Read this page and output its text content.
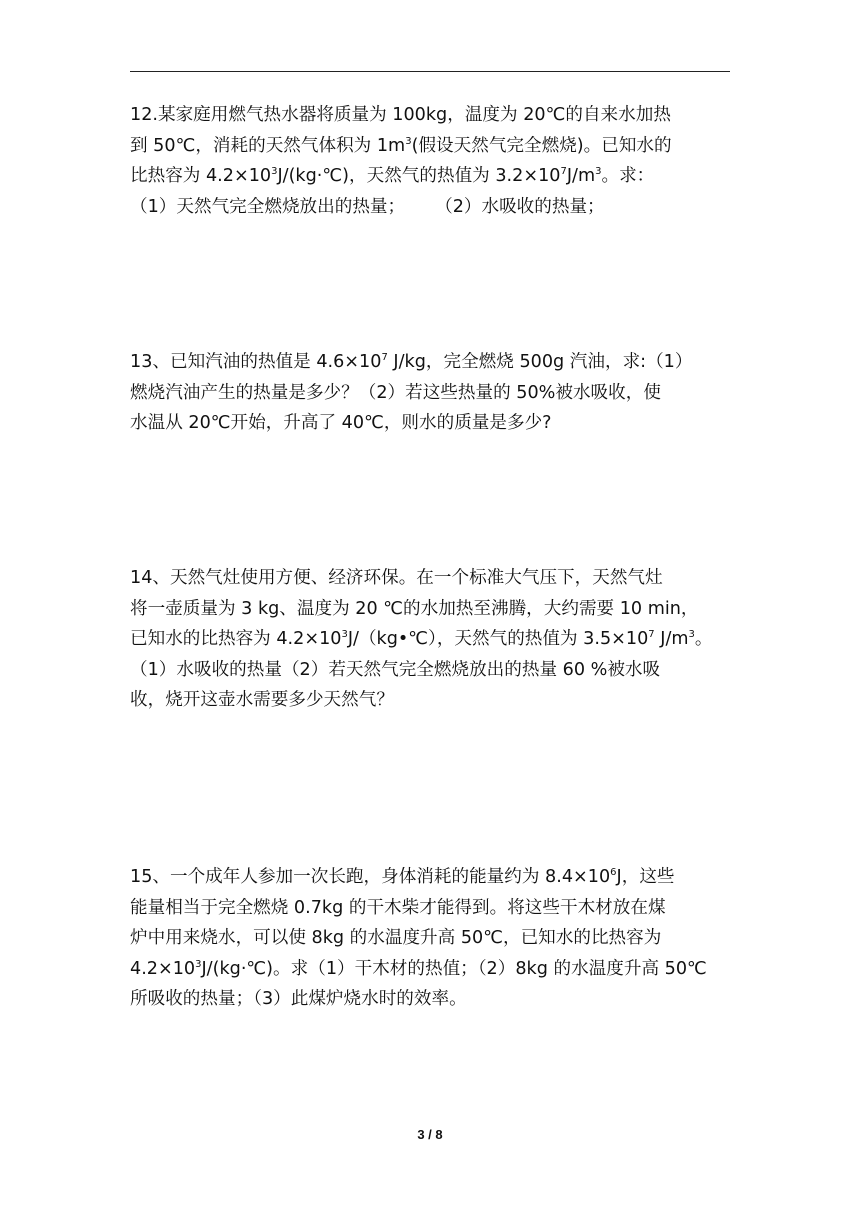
12.某家庭用燃气热水器将质量为 100kg，温度为 20℃的自来水加热
到 50℃，消耗的天然气体积为 $1m^3$(假设天然气完全燃烧)。已知水的
比热容为 $4.2\times 10^3J/(kg\cdot℃)$，天然气的热值为 $3.2\times 10^7J/m^3$。求：
（1）天然气完全燃烧放出的热量； （2）水吸收的热量；
13、已知汽油的热值是 $4.6\times 10^7$ J/kg，完全燃烧 500g 汽油，求:（1）
燃烧汽油产生的热量是多少？（2）若这些热量的 50%被水吸收，使
水温从 20℃开始，升高了 40℃，则水的质量是多少?
14、天然气灶使用方便、经济环保。在一个标准大气压下，天然气灶
将一壶质量为 3 kg、温度为 20 ℃的水加热至沸腾，大约需要 10 min，
已知水的比热容为 $4.2\times 10^3J/(kg•℃)$，天然气的热值为 $3.5\times 10^7$ $J/m^3$。
（1）水吸收的热量（2）若天然气完全燃烧放出的热量 60 %被水吸
收，烧开这壶水需要多少天然气？
15、一个成年人参加一次长跑，身体消耗的能量约为 $8.4\times 10^6J$，这些
能量相当于完全燃烧 0.7kg 的干木柴才能得到。将这些干木材放在煤
炉中用来烧水，可以使 8kg 的水温度升高 50℃，已知水的比热容为
$4.2\times 10^3J/(kg\cdot℃)$。求（1）干木材的热值；（2）8kg 的水温度升高 50℃
所吸收的热量；（3）此煤炉烧水时的效率。
3 / 8
